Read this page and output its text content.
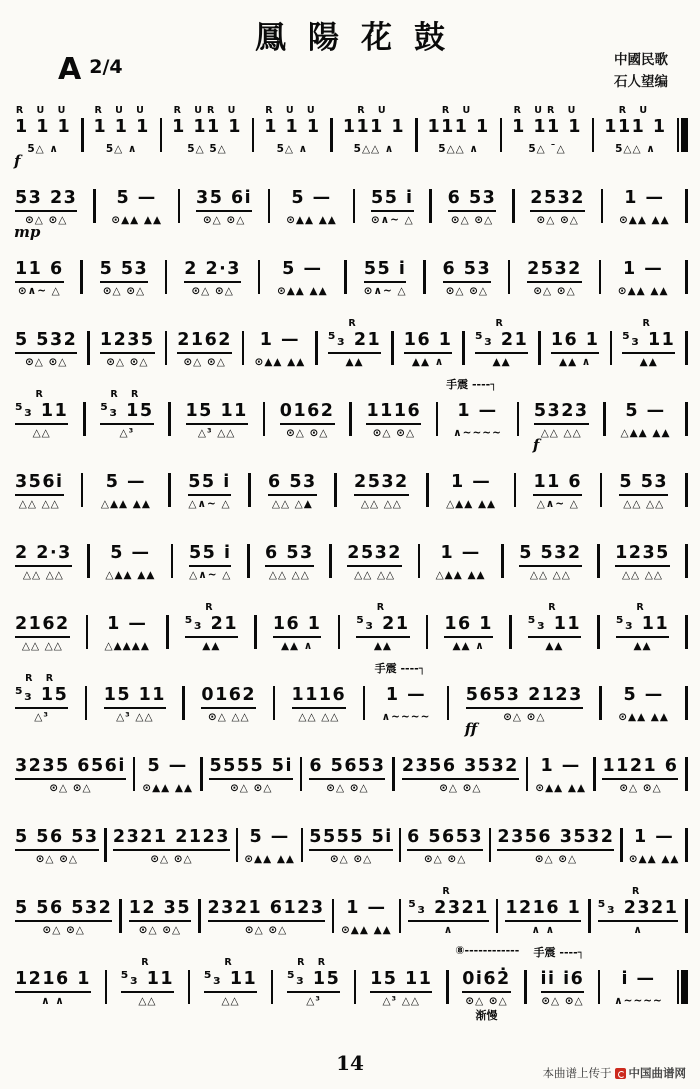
鳳陽花鼓
A 2/4	中國民歌
石人望编
R U U
1 1 1
5△ ∧
f
R U U
1 1 1
5△ ∧
R UR U
1 11 1
5△ 5△
R U U
1 1 1
5△ ∧
R U
111 1
5△△ ∧
R U
111 1
5△△ ∧
R UR U
1 11 1
5△ ¯△
R U
111 1
5△△ ∧
53 23
⊙△ ⊙△
mp
5 —
⊙▲▲ ▲▲
35 6i
⊙△ ⊙△
5 —
⊙▲▲ ▲▲
55 i
⊙∧~ △
6 53
⊙△ ⊙△
2532
⊙△ ⊙△
1 —
⊙▲▲ ▲▲
11 6
⊙∧~ △
5 53
⊙△ ⊙△
2 2·3
⊙△ ⊙△
5 —
⊙▲▲ ▲▲
55 i
⊙∧~ △
6 53
⊙△ ⊙△
2532
⊙△ ⊙△
1 —
⊙▲▲ ▲▲
5 532
⊙△ ⊙△
1235
⊙△ ⊙△
2162
⊙△ ⊙△
1 —
⊙▲▲ ▲▲
R
⁵₃ 21
▲▲
16 1
▲▲ ∧
R
⁵₃ 21
▲▲
16 1
▲▲ ∧
R
⁵₃ 11
▲▲
R
⁵₃ 11
△△
R R
⁵₃ 15
△³
15 11
△³ △△
0162
⊙△ ⊙△
1116
⊙△ ⊙△
1 —
∧~~~~
手震 ----┐
5323
△△ △△
f
5 —
△▲▲ ▲▲
356i
△△ △△
5 —
△▲▲ ▲▲
55 i
△∧~ △
6 53
△△ △▲
2532
△△ △△
1 —
△▲▲ ▲▲
11 6
△∧~ △
5 53
△△ △△
2 2·3
△△ △△
5 —
△▲▲ ▲▲
55 i
△∧~ △
6 53
△△ △△
2532
△△ △△
1 —
△▲▲ ▲▲
5 532
△△ △△
1235
△△ △△
2162
△△ △△
1 —
△▲▲▲▲
R
⁵₃ 21
▲▲
16 1
▲▲ ∧
R
⁵₃ 21
▲▲
16 1
▲▲ ∧
R
⁵₃ 11
▲▲
R
⁵₃ 11
▲▲
R R
⁵₃ 15
△³
15 11
△³ △△
0162
⊙△ △△
1116
△△ △△
1 —
∧~~~~
手震 ----┐
5653 2123
⊙△ ⊙△
ff
5 —
⊙▲▲ ▲▲
3235 656i
⊙△ ⊙△
5 —
⊙▲▲ ▲▲
5555 5i
⊙△ ⊙△
6 5653
⊙△ ⊙△
2356 3532
⊙△ ⊙△
1 —
⊙▲▲ ▲▲
1121 6
⊙△ ⊙△
5 56 53
⊙△ ⊙△
2321 2123
⊙△ ⊙△
5 —
⊙▲▲ ▲▲
5555 5i
⊙△ ⊙△
6 5653
⊙△ ⊙△
2356 3532
⊙△ ⊙△
1 —
⊙▲▲ ▲▲
5 56 532
⊙△ ⊙△
12 35
⊙△ ⊙△
2321 6123
⊙△ ⊙△
1 —
⊙▲▲ ▲▲
R
⁵₃ 2321
∧
1216 1
∧ ∧
R
⁵₃ 2321
∧
1216 1
∧ ∧
R
⁵₃ 11
△△
R
⁵₃ 11
△△
R R
⁵₃ 15
△³
15 11
△³ △△
0i62̇
⊙△ ⊙△
⑧------------
渐慢
ii i6
⊙△ ⊙△
手震 ----┐
i —
∧~~~~
14	本曲谱上传于 中国曲谱网
